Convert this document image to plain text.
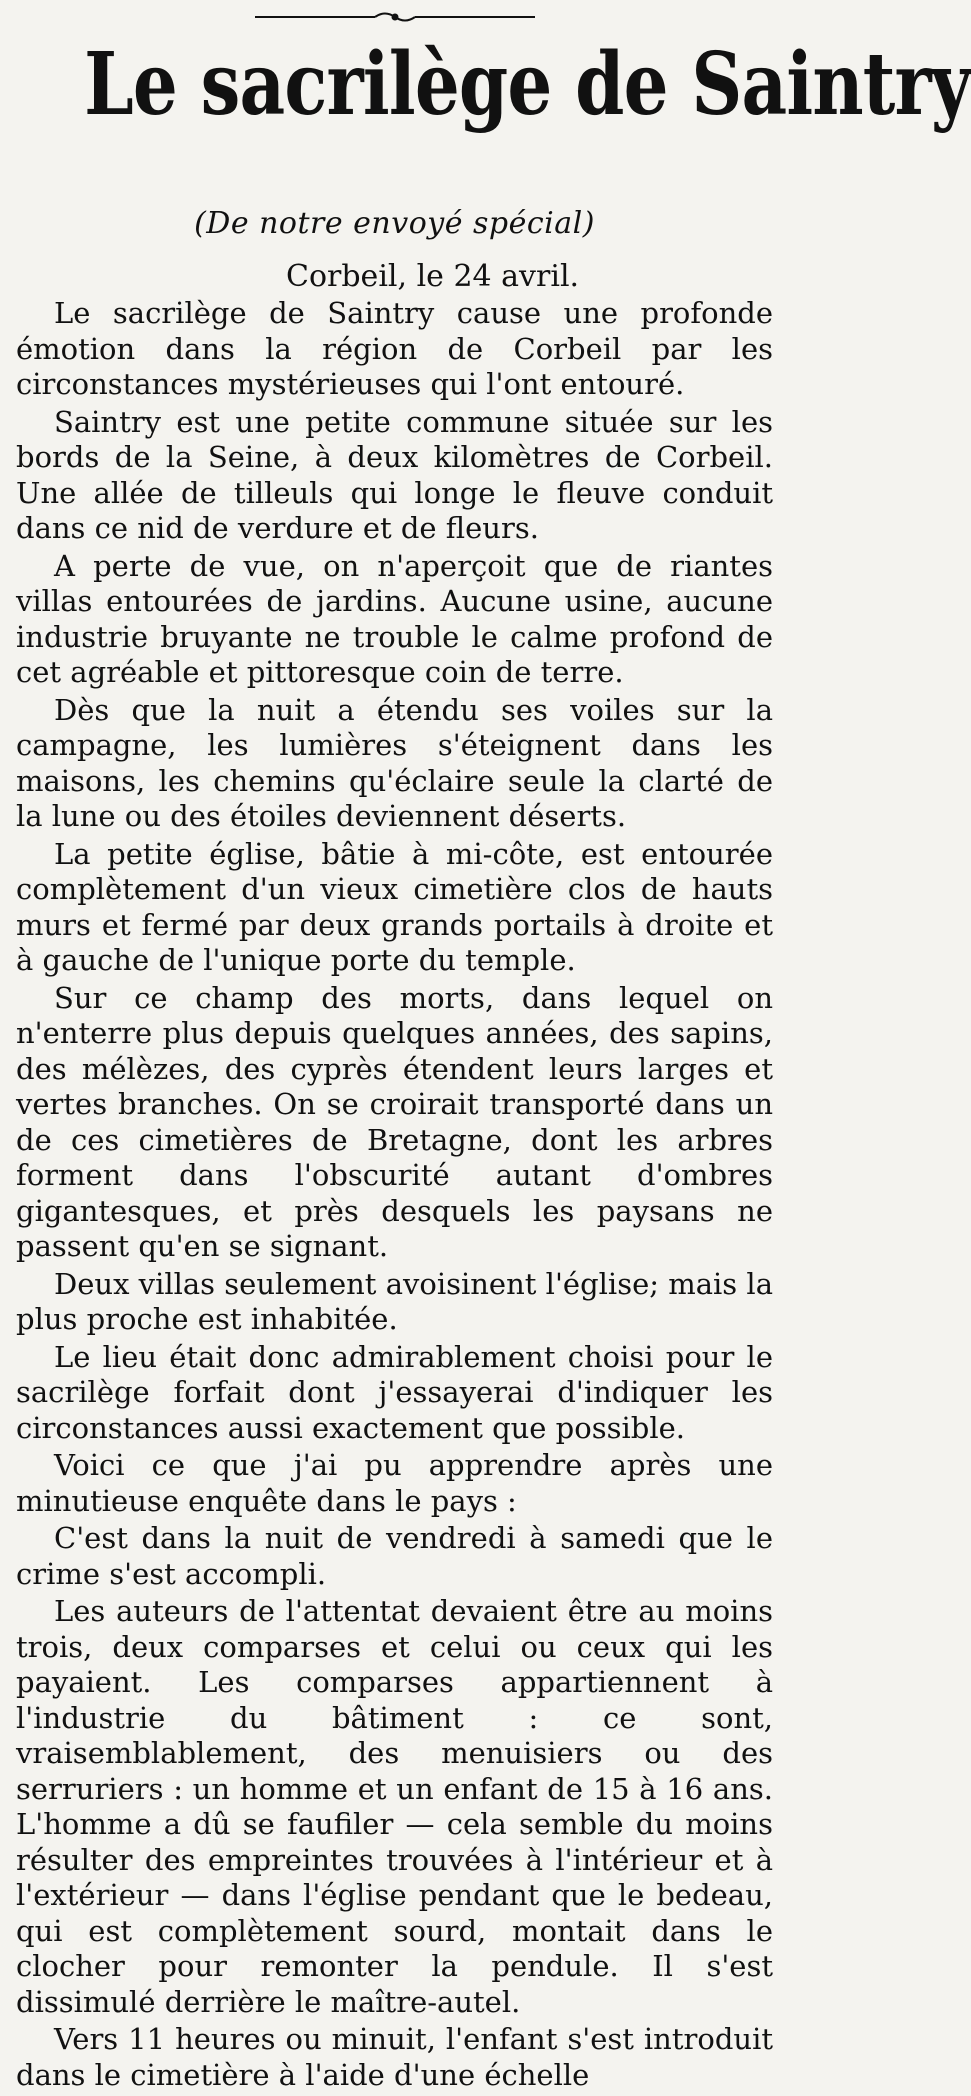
Le sacrilège de Saintry
(De notre envoyé spécial)
Corbeil, le 24 avril.

Le sacrilège de Saintry cause une profonde émotion dans la région de Corbeil par les circonstances mystérieuses qui l'ont entouré.

Saintry est une petite commune située sur les bords de la Seine, à deux kilomètres de Corbeil. Une allée de tilleuls qui longe le fleuve conduit dans ce nid de verdure et de fleurs.

A perte de vue, on n'aperçoit que de riantes villas entourées de jardins. Aucune usine, aucune industrie bruyante ne trouble le calme profond de cet agréable et pittoresque coin de terre.

Dès que la nuit a étendu ses voiles sur la campagne, les lumières s'éteignent dans les maisons, les chemins qu'éclaire seule la clarté de la lune ou des étoiles deviennent déserts.

La petite église, bâtie à mi-côte, est entourée complètement d'un vieux cimetière clos de hauts murs et fermé par deux grands portails à droite et à gauche de l'unique porte du temple.

Sur ce champ des morts, dans lequel on n'enterre plus depuis quelques années, des sapins, des mélèzes, des cyprès étendent leurs larges et vertes branches. On se croirait transporté dans un de ces cimetières de Bretagne, dont les arbres forment dans l'obscurité autant d'ombres gigantesques, et près desquels les paysans ne passent qu'en se signant.

Deux villas seulement avoisinent l'église; mais la plus proche est inhabitée.

Le lieu était donc admirablement choisi pour le sacrilège forfait dont j'essayerai d'indiquer les circonstances aussi exactement que possible.

Voici ce que j'ai pu apprendre après une minutieuse enquête dans le pays :

C'est dans la nuit de vendredi à samedi que le crime s'est accompli.

Les auteurs de l'attentat devaient être au moins trois, deux comparses et celui ou ceux qui les payaient. Les comparses appartiennent à l'industrie du bâtiment : ce sont, vraisemblablement, des menuisiers ou des serruriers : un homme et un enfant de 15 à 16 ans. L'homme a dû se faufiler — cela semble du moins résulter des empreintes trouvées à l'intérieur et à l'extérieur — dans l'église pendant que le bedeau, qui est complètement sourd, montait dans le clocher pour remonter la pendule. Il s'est dissimulé derrière le maître-autel.

Vers 11 heures ou minuit, l'enfant s'est introduit dans le cimetière à l'aide d'une échelle
